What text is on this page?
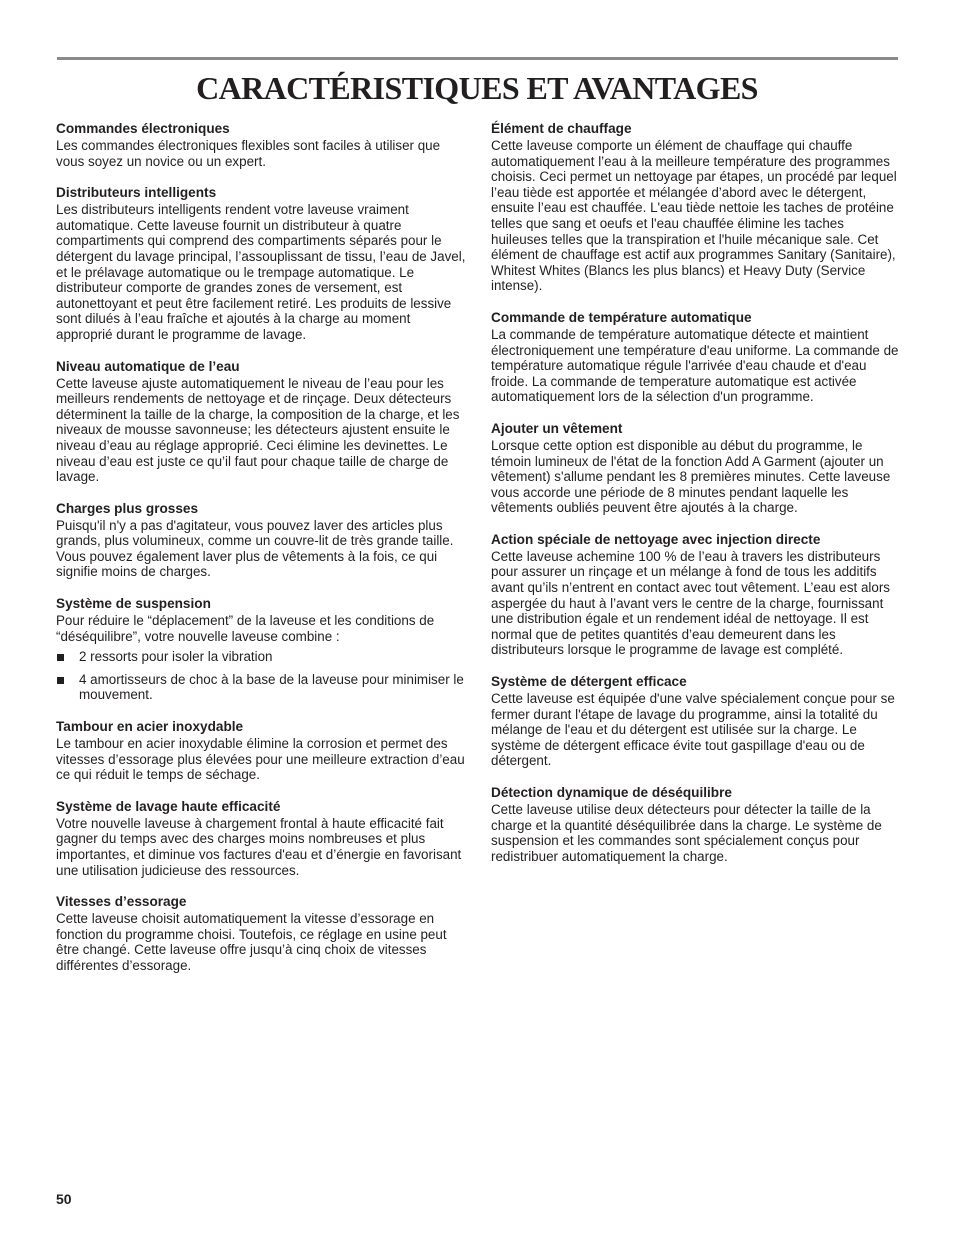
CARACTÉRISTIQUES ET AVANTAGES
Commandes électroniques

Les commandes électroniques flexibles sont faciles à utiliser que vous soyez un novice ou un expert.

Distributeurs intelligents

Les distributeurs intelligents rendent votre laveuse vraiment automatique. Cette laveuse fournit un distributeur à quatre compartiments qui comprend des compartiments séparés pour le détergent du lavage principal, l’assouplissant de tissu, l’eau de Javel, et le prélavage automatique ou le trempage automatique. Le distributeur comporte de grandes zones de versement, est autonettoyant et peut être facilement retiré. Les produits de lessive sont dilués à l’eau fraîche et ajoutés à la charge au moment approprié durant le programme de lavage.

Niveau automatique de l’eau

Cette laveuse ajuste automatiquement le niveau de l’eau pour les meilleurs rendements de nettoyage et de rinçage. Deux détecteurs déterminent la taille de la charge, la composition de la charge, et les niveaux de mousse savonneuse; les détecteurs ajustent ensuite le niveau d’eau au réglage approprié. Ceci élimine les devinettes. Le niveau d’eau est juste ce qu’il faut pour chaque taille de charge de lavage.

Charges plus grosses

Puisqu'il n'y a pas d'agitateur, vous pouvez laver des articles plus grands, plus volumineux, comme un couvre-lit de très grande taille. Vous pouvez également laver plus de vêtements à la fois, ce qui signifie moins de charges.

Système de suspension

Pour réduire le “déplacement” de la laveuse et les conditions de “déséquilibre”, votre nouvelle laveuse combine :

2 ressorts pour isoler la vibration
4 amortisseurs de choc à la base de la laveuse pour minimiser le mouvement.
Tambour en acier inoxydable

Le tambour en acier inoxydable élimine la corrosion et permet des vitesses d’essorage plus élevées pour une meilleure extraction d’eau ce qui réduit le temps de séchage.

Système de lavage haute efficacité

Votre nouvelle laveuse à chargement frontal à haute efficacité fait gagner du temps avec des charges moins nombreuses et plus importantes, et diminue vos factures d'eau et d’énergie en favorisant une utilisation judicieuse des ressources.

Vitesses d’essorage

Cette laveuse choisit automatiquement la vitesse d’essorage en fonction du programme choisi. Toutefois, ce réglage en usine peut être changé. Cette laveuse offre jusqu’à cinq choix de vitesses différentes d’essorage.

Élément de chauffage

Cette laveuse comporte un élément de chauffage qui chauffe automatiquement l’eau à la meilleure température des programmes choisis. Ceci permet un nettoyage par étapes, un procédé par lequel l’eau tiède est apportée et mélangée d’abord avec le détergent, ensuite l’eau est chauffée. L'eau tiède nettoie les taches de protéine telles que sang et oeufs et l'eau chauffée élimine les taches huileuses telles que la transpiration et l'huile mécanique sale. Cet élément de chauffage est actif aux programmes Sanitary (Sanitaire), Whitest Whites (Blancs les plus blancs) et Heavy Duty (Service intense).

Commande de température automatique

La commande de température automatique détecte et maintient électroniquement une température d'eau uniforme. La commande de température automatique régule l'arrivée d'eau chaude et d'eau froide. La commande de temperature automatique est activée automatiquement lors de la sélection d'un programme.

Ajouter un vêtement

Lorsque cette option est disponible au début du programme, le témoin lumineux de l'état de la fonction Add A Garment (ajouter un vêtement) s'allume pendant les 8 premières minutes. Cette laveuse vous accorde une période de 8 minutes pendant laquelle les vêtements oubliés peuvent être ajoutés à la charge.

Action spéciale de nettoyage avec injection directe

Cette laveuse achemine 100 % de l’eau à travers les distributeurs pour assurer un rinçage et un mélange à fond de tous les additifs avant qu’ils n’entrent en contact avec tout vêtement. L’eau est alors aspergée du haut à l’avant vers le centre de la charge, fournissant une distribution égale et un rendement idéal de nettoyage. Il est normal que de petites quantités d’eau demeurent dans les distributeurs lorsque le programme de lavage est complété.

Système de détergent efficace

Cette laveuse est équipée d'une valve spécialement conçue pour se fermer durant l'étape de lavage du programme, ainsi la totalité du mélange de l'eau et du détergent est utilisée sur la charge. Le système de détergent efficace évite tout gaspillage d'eau ou de détergent.

Détection dynamique de déséquilibre

Cette laveuse utilise deux détecteurs pour détecter la taille de la charge et la quantité déséquilibrée dans la charge. Le système de suspension et les commandes sont spécialement conçus pour redistribuer automatiquement la charge.

50
